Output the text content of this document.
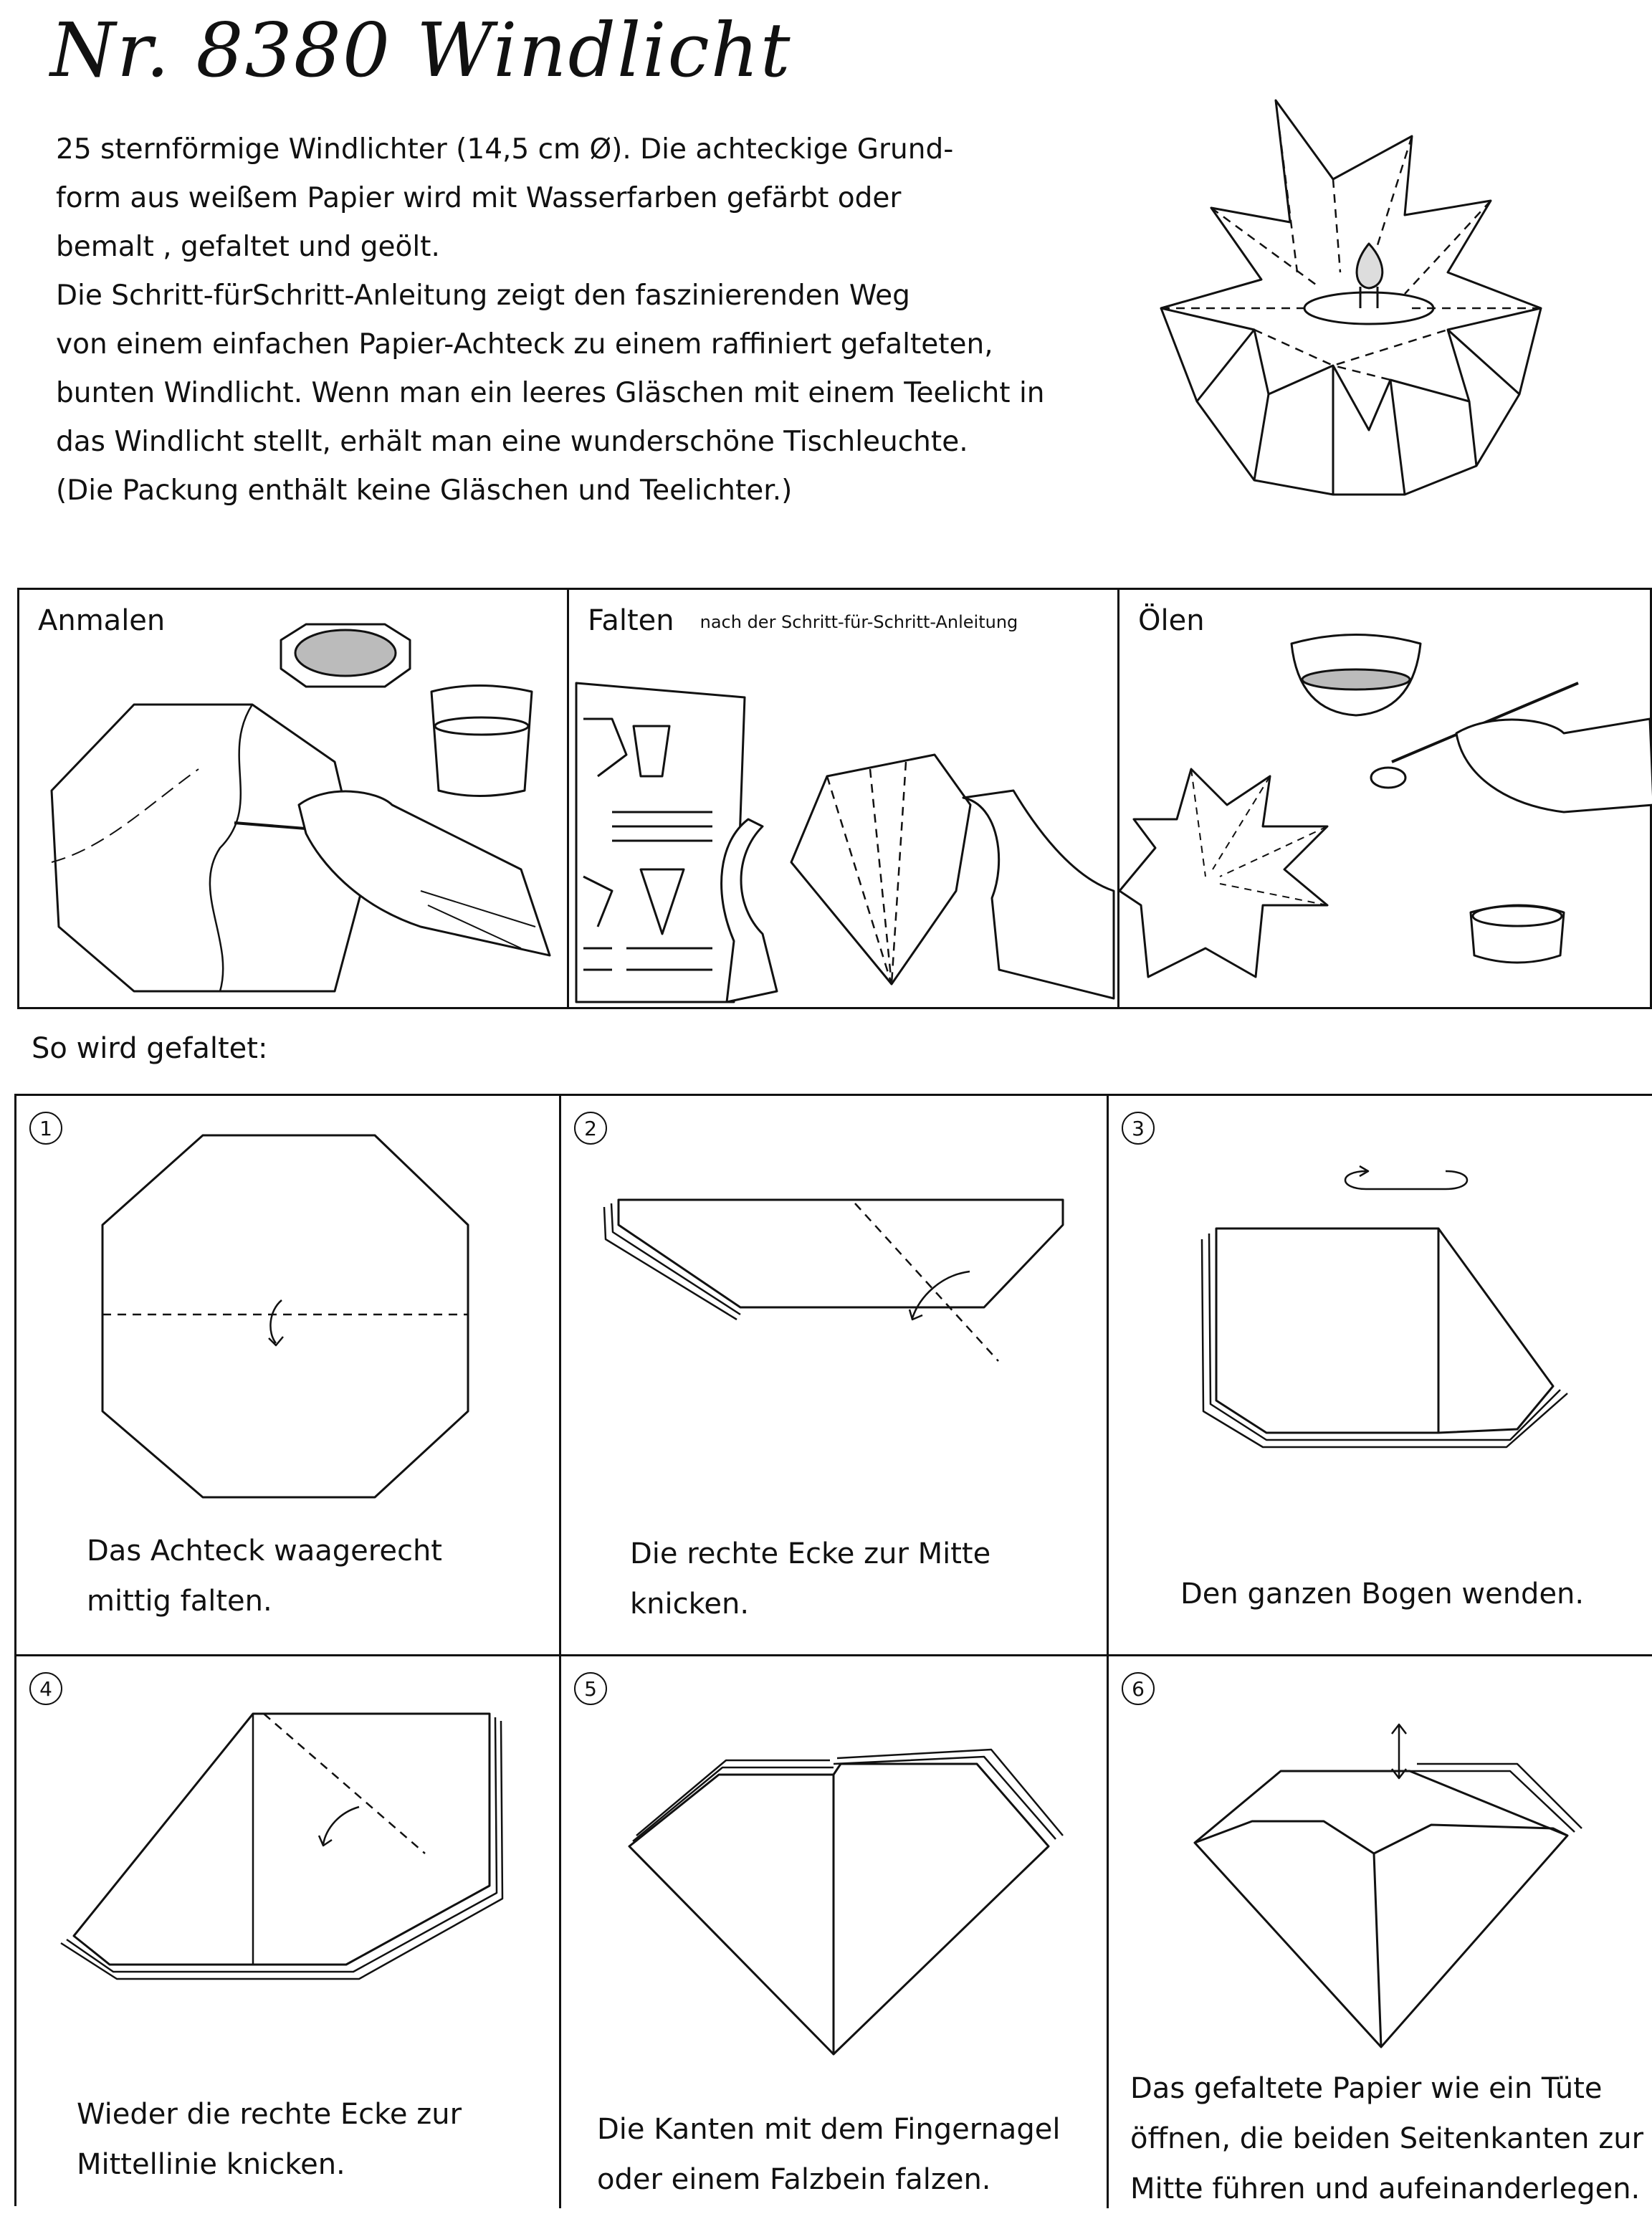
Nr. 8380 Windlicht

25 sternförmige Windlichter (14,5 cm Ø). Die achteckige Grund-

form aus weißem Papier wird mit Wasserfarben gefärbt oder

bemalt , gefaltet und geölt.

Die Schritt-fürSchritt-Anleitung zeigt den faszinierenden Weg

von einem einfachen Papier-Achteck zu einem raffiniert gefalteten,

bunten Windlicht. Wenn man ein leeres Gläschen mit einem Teelicht in

das Windlicht stellt, erhält man eine wunderschöne Tischleuchte.

(Die Packung enthält keine Gläschen und Teelichter.)

Anmalen	Falten nach der Schritt-für-Schritt-Anleitung	Ölen
So wird gefaltet:
1
Das Achteck waagerecht
mittig falten.
2
Die rechte Ecke zur Mitte
knicken.
3
Den ganzen Bogen wenden.
4
Wieder die rechte Ecke zur
Mittellinie knicken.
5
Die Kanten mit dem Fingernagel
oder einem Falzbein falzen.
6
Das gefaltete Papier wie ein Tüte
öffnen, die beiden Seitenkanten zur
Mitte führen und aufeinanderlegen.
